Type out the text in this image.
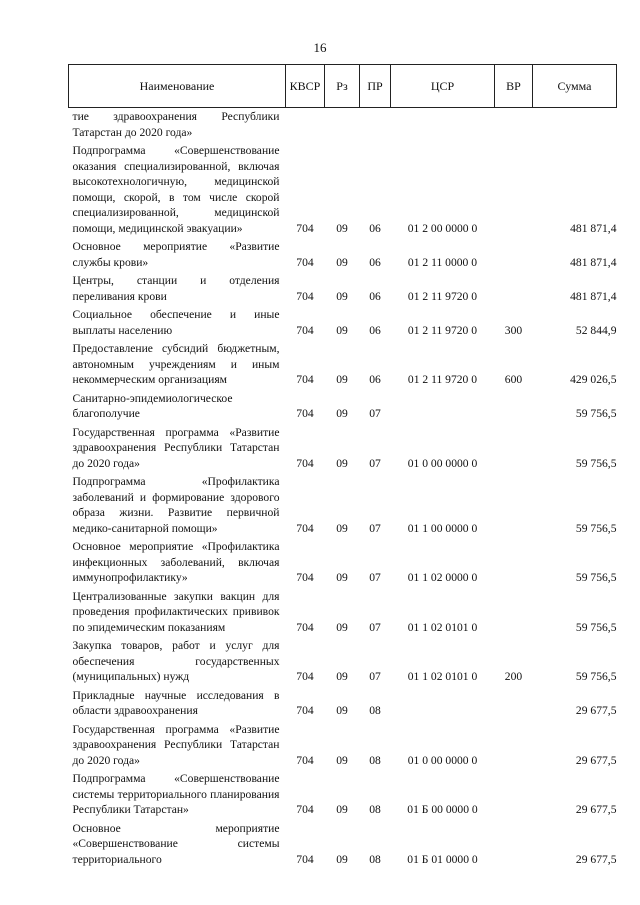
16
Наименование	КВСР	Рз	ПР	ЦСР	ВР	Сумма
тие здравоохранения Республики Татарстан до 2020 года»						
Подпрограмма «Совершенствование оказания специализированной, включая высокотехнологичную, медицинской помощи, скорой, в том числе скорой специализированной, медицинской помощи, медицинской эвакуации»	704	09	06	01 2 00 0000 0		481 871,4
Основное мероприятие «Развитие службы крови»	704	09	06	01 2 11 0000 0		481 871,4
Центры, станции и отделения переливания крови	704	09	06	01 2 11 9720 0		481 871,4
Социальное обеспечение и иные выплаты населению	704	09	06	01 2 11 9720 0	300	52 844,9
Предоставление субсидий бюджетным, автономным учреждениям и иным некоммерческим организациям	704	09	06	01 2 11 9720 0	600	429 026,5
Санитарно-эпидемиологическое благополучие	704	09	07			59 756,5
Государственная программа «Развитие здравоохранения Республики Татарстан до 2020 года»	704	09	07	01 0 00 0000 0		59 756,5
Подпрограмма «Профилактика заболеваний и формирование здорового образа жизни. Развитие первичной медико-санитарной помощи»	704	09	07	01 1 00 0000 0		59 756,5
Основное мероприятие «Профилактика инфекционных заболеваний, включая иммунопрофилактику»	704	09	07	01 1 02 0000 0		59 756,5
Централизованные закупки вакцин для проведения профилактических прививок по эпидемическим показаниям	704	09	07	01 1 02 0101 0		59 756,5
Закупка товаров, работ и услуг для обеспечения государственных (муниципальных) нужд	704	09	07	01 1 02 0101 0	200	59 756,5
Прикладные научные исследования в области здравоохранения	704	09	08			29 677,5
Государственная программа «Развитие здравоохранения Республики Татарстан до 2020 года»	704	09	08	01 0 00 0000 0		29 677,5
Подпрограмма «Совершенствование системы территориального планирования Республики Татарстан»	704	09	08	01 Б 00 0000 0		29 677,5
Основное мероприятие «Совершенствование системы территориального	704	09	08	01 Б 01 0000 0		29 677,5
